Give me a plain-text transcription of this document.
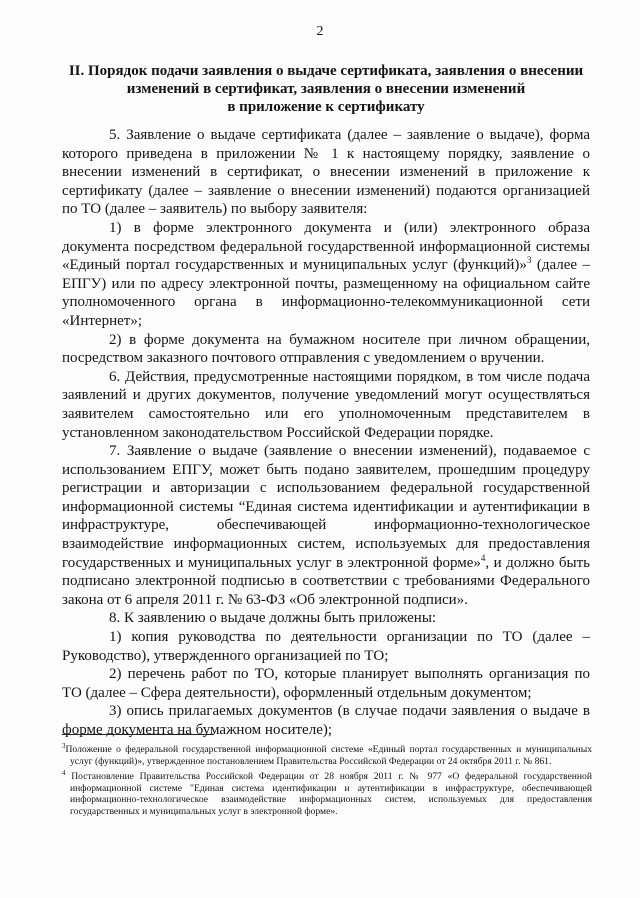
2
II. Порядок подачи заявления о выдаче сертификата, заявления о внесении
изменений в сертификат, заявления о внесении изменений
в приложение к сертификату

5. Заявление о выдаче сертификата (далее – заявление о выдаче), форма которого приведена в приложении № 1 к настоящему порядку, заявление о внесении изменений в сертификат, о внесении изменений в приложение к сертификату (далее – заявление о внесении изменений) подаются организацией по ТО (далее – заявитель) по выбору заявителя:

1) в форме электронного документа и (или) электронного образа документа посредством федеральной государственной информационной системы «Единый портал государственных и муниципальных услуг (функций)»$^3$ (далее – ЕПГУ) или по адресу электронной почты, размещенному на официальном сайте уполномоченного органа в информационно-телекоммуникационной сети «Интернет»;

2) в форме документа на бумажном носителе при личном обращении, посредством заказного почтового отправления с уведомлением о вручении.

6. Действия, предусмотренные настоящими порядком, в том числе подача заявлений и других документов, получение уведомлений могут осуществляться заявителем самостоятельно или его уполномоченным представителем в установленном законодательством Российской Федерации порядке.

7. Заявление о выдаче (заявление о внесении изменений), подаваемое с использованием ЕПГУ, может быть подано заявителем, прошедшим процедуру регистрации и авторизации с использованием федеральной государственной информационной системы “Единая система идентификации и аутентификации в инфраструктуре, обеспечивающей информационно-технологическое взаимодействие информационных систем, используемых для предоставления государственных и муниципальных услуг в электронной форме»$^4$, и должно быть подписано электронной подписью в соответствии с требованиями Федерального закона от 6 апреля 2011 г. № 63-ФЗ «Об электронной подписи».

8. К заявлению о выдаче должны быть приложены:

1) копия руководства по деятельности организации по ТО (далее – Руководство), утвержденного организацией по ТО;

2) перечень работ по ТО, которые планирует выполнять организация по ТО (далее – Сфера деятельности), оформленный отдельным документом;

3) опись прилагаемых документов (в случае подачи заявления о выдаче в форме документа на бумажном носителе);

$^3$Положение о федеральной государственной информационной системе «Единый портал государственных и муниципальных услуг (функций)», утвержденное постановлением Правительства Российской Федерации от 24 октября 2011 г. № 861.

$^4$ Постановление Правительства Российской Федерации от 28 ноября 2011 г. № 977 «О федеральной государственной информационной системе "Единая система идентификации и аутентификации в инфраструктуре, обеспечивающей информационно-технологическое взаимодействие информационных систем, используемых для предоставления государственных и муниципальных услуг в электронной форме».
